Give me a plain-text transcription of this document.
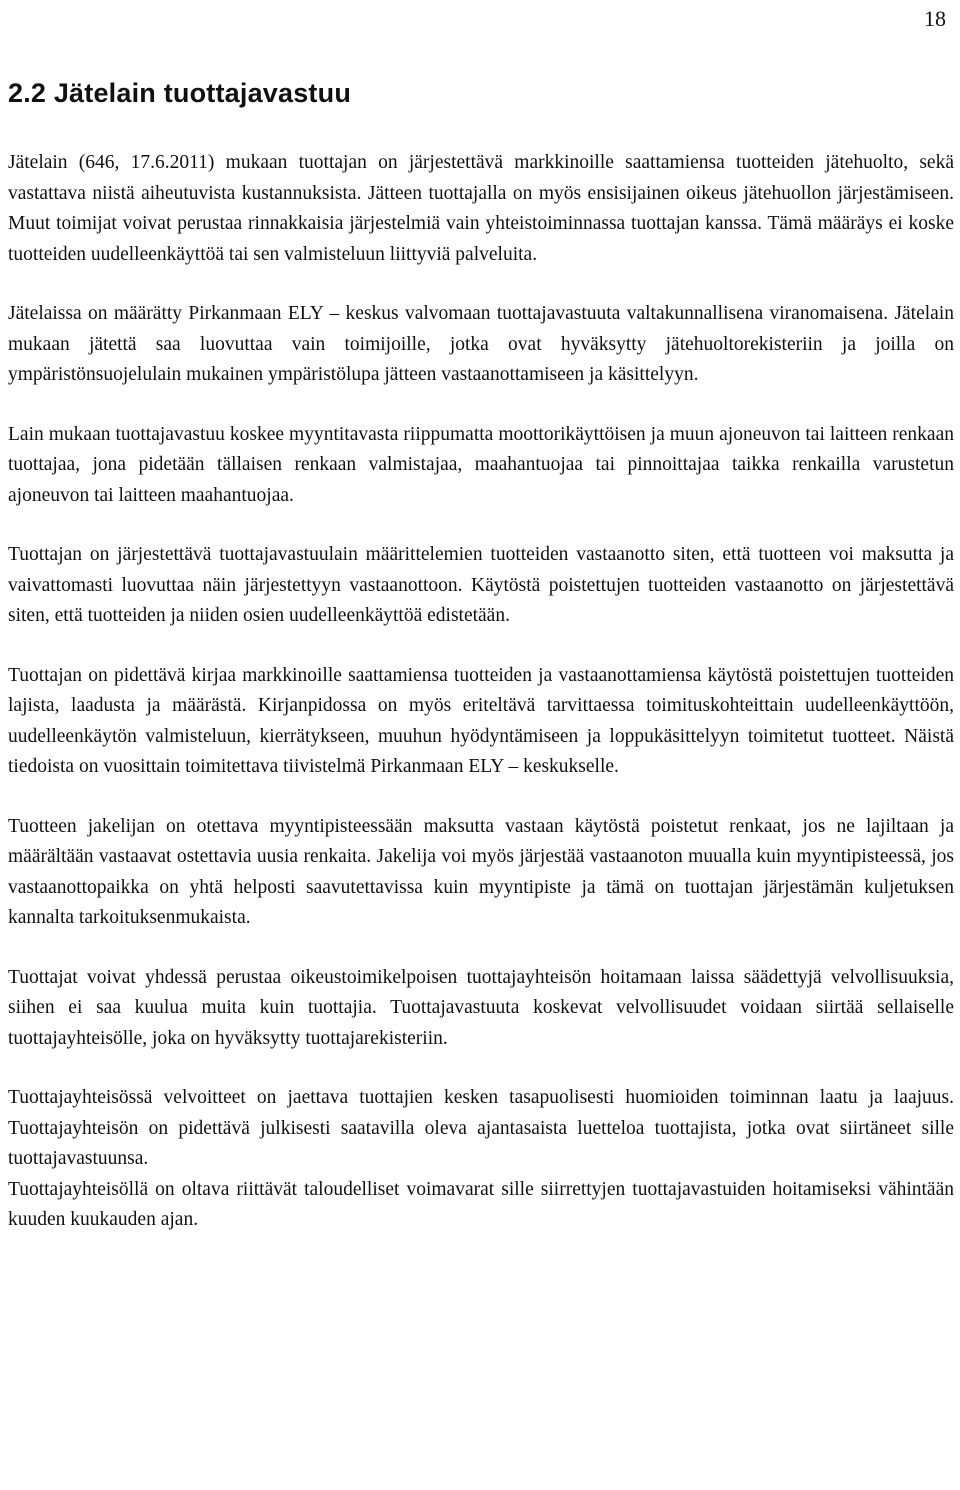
18
2.2 Jätelain tuottajavastuu

Jätelain (646, 17.6.2011) mukaan tuottajan on järjestettävä markkinoille saattamiensa tuotteiden jätehuolto, sekä vastattava niistä aiheutuvista kustannuksista. Jätteen tuottajalla on myös ensisijainen oikeus jätehuollon järjestämiseen. Muut toimijat voivat perustaa rinnakkaisia järjestelmiä vain yhteistoiminnassa tuottajan kanssa. Tämä määräys ei koske tuotteiden uudelleenkäyttöä tai sen valmisteluun liittyviä palveluita.

Jätelaissa on määrätty Pirkanmaan ELY – keskus valvomaan tuottajavastuuta valtakunnallisena viranomaisena. Jätelain mukaan jätettä saa luovuttaa vain toimijoille, jotka ovat hyväksytty jätehuoltorekisteriin ja joilla on ympäristönsuojelulain mukainen ympäristölupa jätteen vastaanottamiseen ja käsittelyyn.

Lain mukaan tuottajavastuu koskee myyntitavasta riippumatta moottorikäyttöisen ja muun ajoneuvon tai laitteen renkaan tuottajaa, jona pidetään tällaisen renkaan valmistajaa, maahantuojaa tai pinnoittajaa taikka renkailla varustetun ajoneuvon tai laitteen maahantuojaa.

Tuottajan on järjestettävä tuottajavastuulain määrittelemien tuotteiden vastaanotto siten, että tuotteen voi maksutta ja vaivattomasti luovuttaa näin järjestettyyn vastaanottoon. Käytöstä poistettujen tuotteiden vastaanotto on järjestettävä siten, että tuotteiden ja niiden osien uudelleenkäyttöä edistetään.

Tuottajan on pidettävä kirjaa markkinoille saattamiensa tuotteiden ja vastaanottamiensa käytöstä poistettujen tuotteiden lajista, laadusta ja määrästä. Kirjanpidossa on myös eriteltävä tarvittaessa toimituskohteittain uudelleenkäyttöön, uudelleenkäytön valmisteluun, kierrätykseen, muuhun hyödyntämiseen ja loppukäsittelyyn toimitetut tuotteet. Näistä tiedoista on vuosittain toimitettava tiivistelmä Pirkanmaan ELY – keskukselle.

Tuotteen jakelijan on otettava myyntipisteessään maksutta vastaan käytöstä poistetut renkaat, jos ne lajiltaan ja määrältään vastaavat ostettavia uusia renkaita. Jakelija voi myös järjestää vastaanoton muualla kuin myyntipisteessä, jos vastaanottopaikka on yhtä helposti saavutettavissa kuin myyntipiste ja tämä on tuottajan järjestämän kuljetuksen kannalta tarkoituksenmukaista.

Tuottajat voivat yhdessä perustaa oikeustoimikelpoisen tuottajayhteisön hoitamaan laissa säädettyjä velvollisuuksia, siihen ei saa kuulua muita kuin tuottajia. Tuottajavastuuta koskevat velvollisuudet voidaan siirtää sellaiselle tuottajayhteisölle, joka on hyväksytty tuottajarekisteriin.

Tuottajayhteisössä velvoitteet on jaettava tuottajien kesken tasapuolisesti huomioiden toiminnan laatu ja laajuus. Tuottajayhteisön on pidettävä julkisesti saatavilla oleva ajantasaista luetteloa tuottajista, jotka ovat siirtäneet sille tuottajavastuunsa.

Tuottajayhteisöllä on oltava riittävät taloudelliset voimavarat sille siirrettyjen tuottajavastuiden hoitamiseksi vähintään kuuden kuukauden ajan.
